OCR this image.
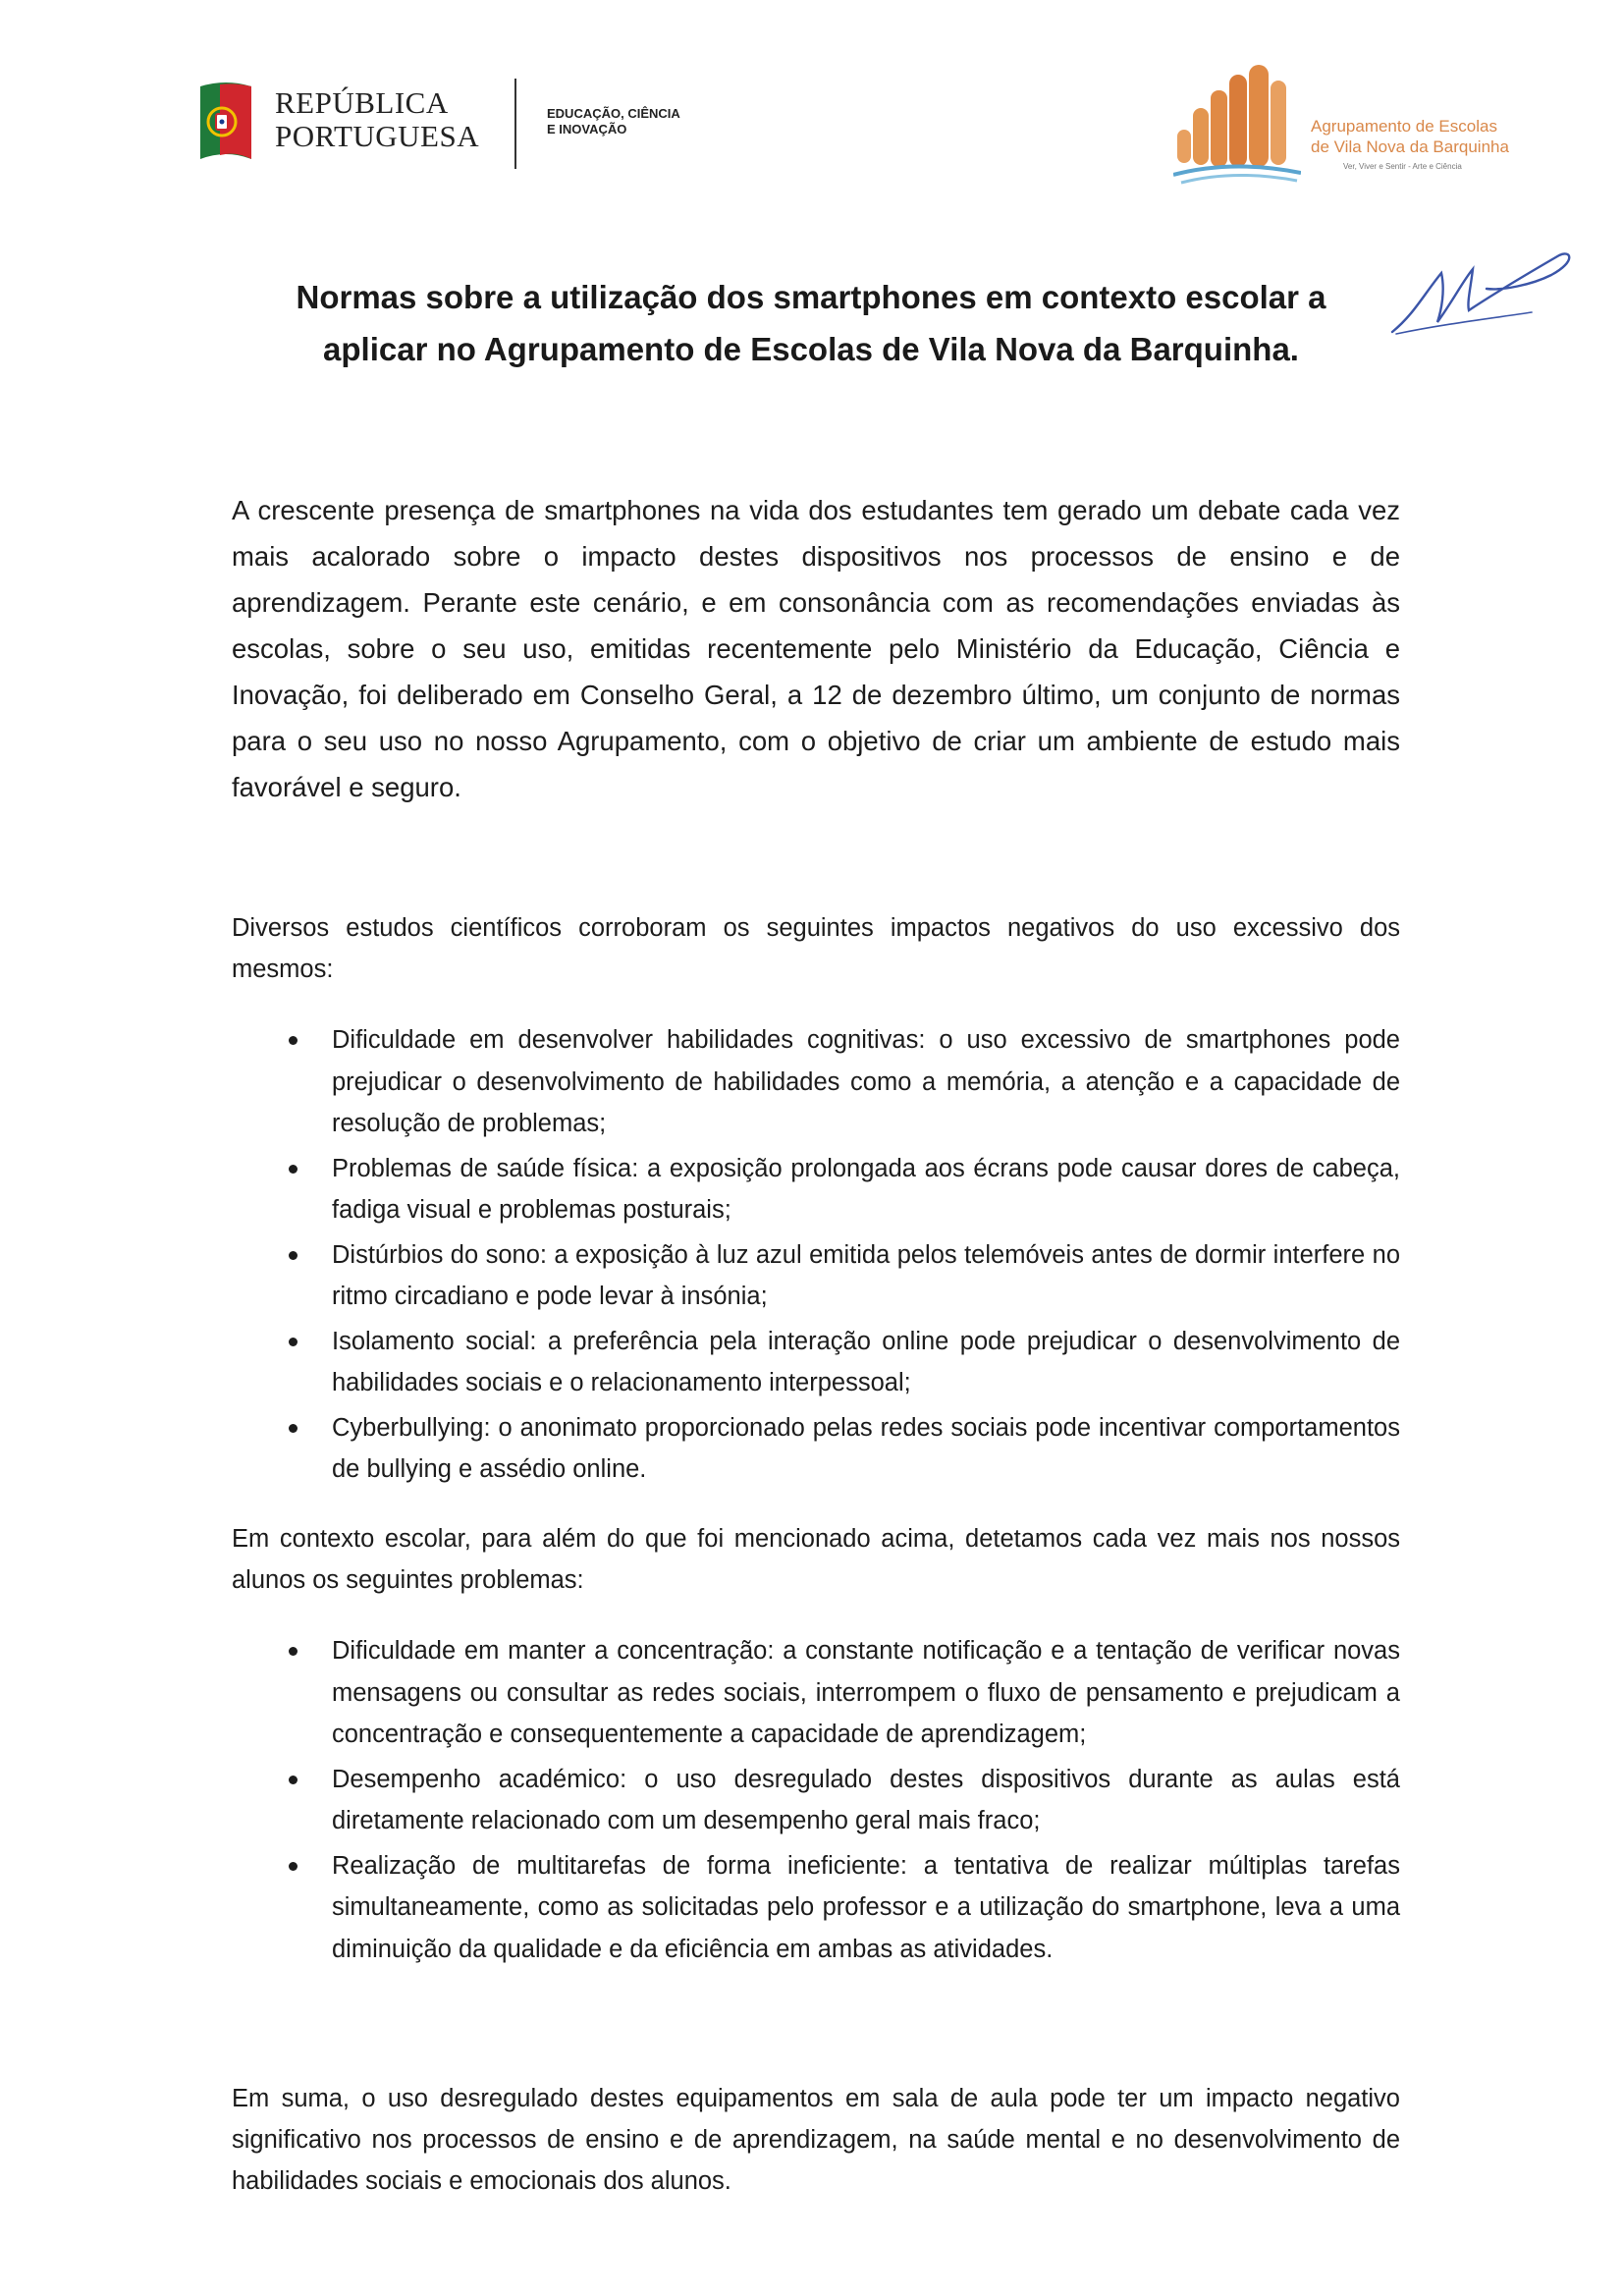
REPÚBLICA
PORTUGUESA
EDUCAÇÃO, CIÊNCIA
E INOVAÇÃO	Agrupamento de Escolas
de Vila Nova da Barquinha
Ver, Viver e Sentir - Arte e Ciência
Normas sobre a utilização dos smartphones em contexto escolar a
aplicar no Agrupamento de Escolas de Vila Nova da Barquinha.

A crescente presença de smartphones na vida dos estudantes tem gerado um debate cada vez mais acalorado sobre o impacto destes dispositivos nos processos de ensino e de aprendizagem. Perante este cenário, e em consonância com as recomendações enviadas às escolas, sobre o seu uso, emitidas recentemente pelo Ministério da Educação, Ciência e Inovação, foi deliberado em Conselho Geral, a 12 de dezembro último, um conjunto de normas para o seu uso no nosso Agrupamento, com o objetivo de criar um ambiente de estudo mais favorável e seguro.

Diversos estudos científicos corroboram os seguintes impactos negativos do uso excessivo dos mesmos:

Dificuldade em desenvolver habilidades cognitivas: o uso excessivo de smartphones pode prejudicar o desenvolvimento de habilidades como a memória, a atenção e a capacidade de resolução de problemas;
Problemas de saúde física: a exposição prolongada aos écrans pode causar dores de cabeça, fadiga visual e problemas posturais;
Distúrbios do sono: a exposição à luz azul emitida pelos telemóveis antes de dormir interfere no ritmo circadiano e pode levar à insónia;
Isolamento social: a preferência pela interação online pode prejudicar o desenvolvimento de habilidades sociais e o relacionamento interpessoal;
Cyberbullying: o anonimato proporcionado pelas redes sociais pode incentivar comportamentos de bullying e assédio online.

Em contexto escolar, para além do que foi mencionado acima, detetamos cada vez mais nos nossos alunos os seguintes problemas:

Dificuldade em manter a concentração: a constante notificação e a tentação de verificar novas mensagens ou consultar as redes sociais, interrompem o fluxo de pensamento e prejudicam a concentração e consequentemente a capacidade de aprendizagem;
Desempenho académico: o uso desregulado destes dispositivos durante as aulas está diretamente relacionado com um desempenho geral mais fraco;
Realização de multitarefas de forma ineficiente: a tentativa de realizar múltiplas tarefas simultaneamente, como as solicitadas pelo professor e a utilização do smartphone, leva a uma diminuição da qualidade e da eficiência em ambas as atividades.

Em suma, o uso desregulado destes equipamentos em sala de aula pode ter um impacto negativo significativo nos processos de ensino e de aprendizagem, na saúde mental e no desenvolvimento de habilidades sociais e emocionais dos alunos.
